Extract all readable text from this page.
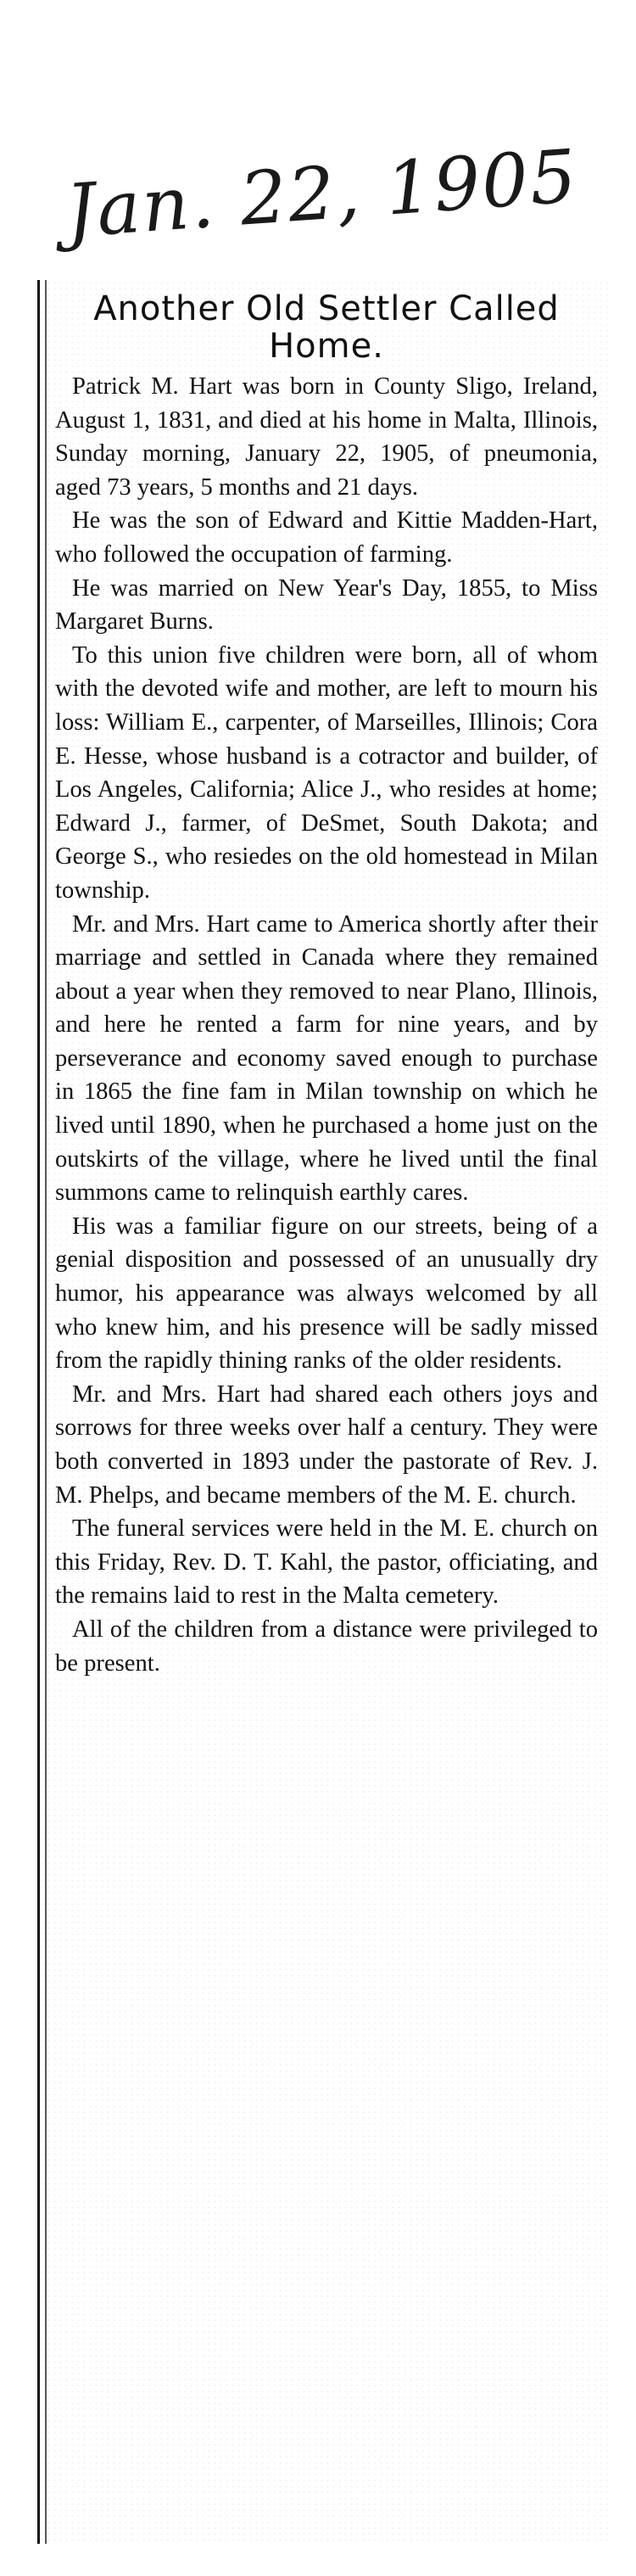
Jan. 22, 1905
Another Old Settler Called Home.

Patrick M. Hart was born in County Sligo, Ireland, August 1, 1831, and died at his home in Malta, Illinois, Sunday morning, January 22, 1905, of pneumonia, aged 73 years, 5 months and 21 days.

He was the son of Edward and Kittie Madden-Hart, who followed the occupation of farming.

He was married on New Year's Day, 1855, to Miss Margaret Burns.

To this union five children were born, all of whom with the devoted wife and mother, are left to mourn his loss: William E., carpenter, of Marseilles, Illinois; Cora E. Hesse, whose husband is a cotractor and builder, of Los Angeles, California; Alice J., who resides at home; Edward J., farmer, of DeSmet, South Dakota; and George S., who resiedes on the old homestead in Milan township.

Mr. and Mrs. Hart came to America shortly after their marriage and settled in Canada where they remained about a year when they removed to near Plano, Illinois, and here he rented a farm for nine years, and by perseverance and economy saved enough to purchase in 1865 the fine fam in Milan township on which he lived until 1890, when he purchased a home just on the outskirts of the village, where he lived until the final summons came to relinquish earthly cares.

His was a familiar figure on our streets, being of a genial disposition and possessed of an unusually dry humor, his appearance was always welcomed by all who knew him, and his presence will be sadly missed from the rapidly thining ranks of the older residents.

Mr. and Mrs. Hart had shared each others joys and sorrows for three weeks over half a century. They were both converted in 1893 under the pastorate of Rev. J. M. Phelps, and became members of the M. E. church.

The funeral services were held in the M. E. church on this Friday, Rev. D. T. Kahl, the pastor, officiating, and the remains laid to rest in the Malta cemetery.

All of the children from a distance were privileged to be present.
